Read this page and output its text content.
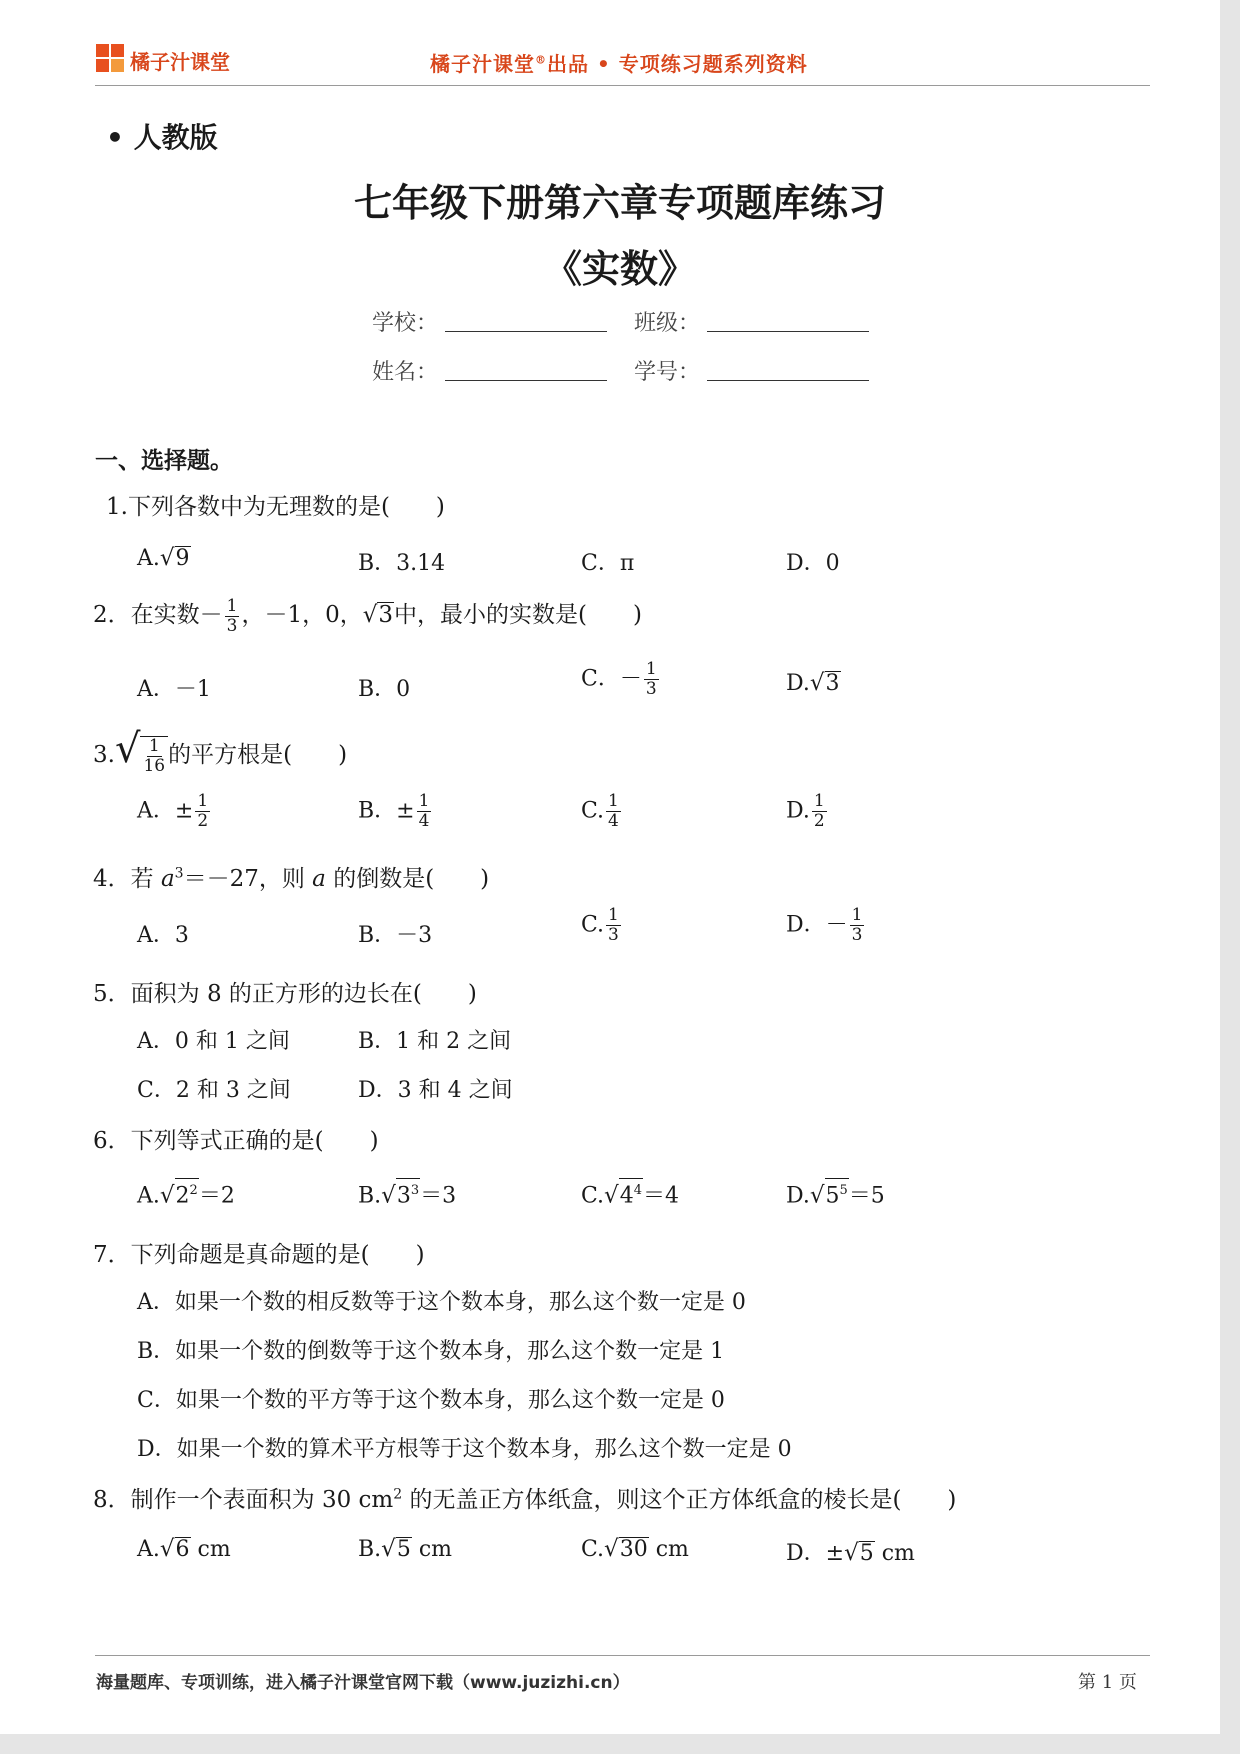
橘子汁课堂	橘子汁课堂®出品 • 专项练习题系列资料
• 人教版
七年级下册第六章专项题库练习
《实数》
学校：	班级：
姓名：	学号：
一、选择题。
1.下列各数中为无理数的是(　　)
A.√9	B．3.14	C．π	D．0
2．在实数－ $\frac{1}{3}$ ，－1，0，√3中，最小的实数是(　　)
A．－1	B．0	C．－ $\frac{1}{3}$	D.√3
$3.√ \frac{1}{16}$ 的平方根是(　　)
A．± $\frac{1}{2}$	B．± $\frac{1}{4}$	C. $\frac{1}{4}$	D. $\frac{1}{2}$
4．若 $a^3=-27$，则 a 的倒数是(　　)
A．3	B．－3	C. $\frac{1}{3}$	D．－ $\frac{1}{3}$
5．面积为 8 的正方形的边长在(　　)
A．0 和 1 之间	B．1 和 2 之间
C．2 和 3 之间	D．3 和 4 之间
6．下列等式正确的是(　　)
$A.√2^2=2$	$B.√3^3=3$	$C.√4^4=4$	$D.√5^5=5$
7．下列命题是真命题的是(　　)
A．如果一个数的相反数等于这个数本身，那么这个数一定是 0
B．如果一个数的倒数等于这个数本身，那么这个数一定是 1
C．如果一个数的平方等于这个数本身，那么这个数一定是 0
D．如果一个数的算术平方根等于这个数本身，那么这个数一定是 0
8．制作一个表面积为 30 $cm^2$ 的无盖正方体纸盒，则这个正方体纸盒的棱长是(　　)
A.√6 cm	B.√5 cm	C.√30 cm	D．±√5 cm
海量题库、专项训练，进入橘子汁课堂官网下载（www.juzizhi.cn）	第 1 页
